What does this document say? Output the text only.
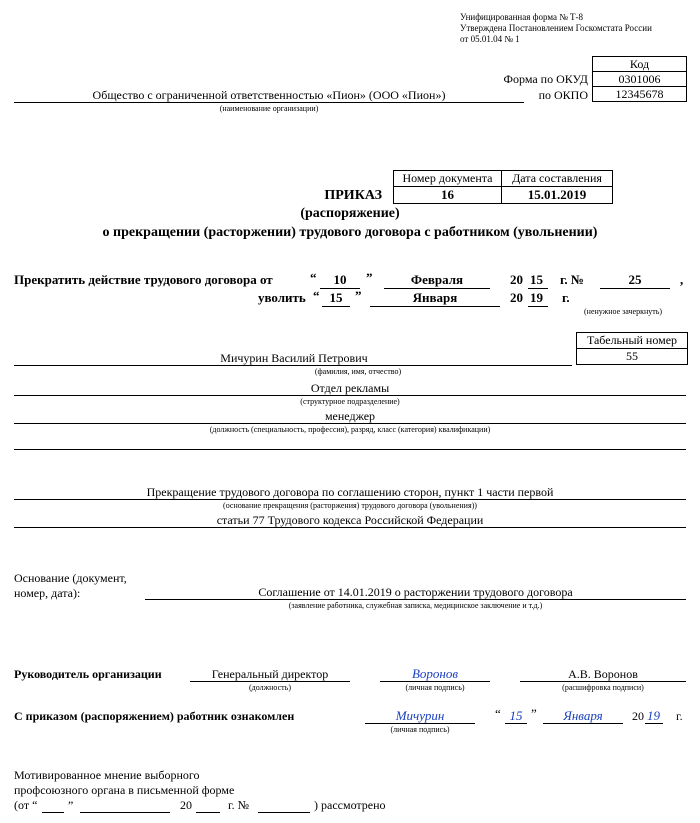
Унифицированная форма № Т-8
Утверждена Постановлением Госкомстата России
от 05.01.04 № 1
Код
Форма по ОКУД	0301006
по ОКПО	12345678
Общество с ограниченной ответственностью «Пион» (ООО «Пион»)
(наименование организации)
Номер документа	Дата составления
16	15.01.2019
ПРИКАЗ
(распоряжение)
о прекращении (расторжении) трудового договора с работником (увольнении)
Прекратить действие трудового договора от	“	10	”	Февраля	20 15 г. №	25	,
уволить “ 15 ”	Января	20 19 г.
(ненужное зачеркнуть)
Табельный номер
55
Мичурин Василий Петрович
(фамилия, имя, отчество)
Отдел рекламы
(структурное подразделение)
менеджер
(должность (специальность, профессия), разряд, класс (категория) квалификации)
Прекращение трудового договора по соглашению сторон, пункт 1 части первой
(основание прекращения (расторжения) трудового договора (увольнения))
статьи 77 Трудового кодекса Российской Федерации
Основание (документ,
номер, дата):	Соглашение от 14.01.2019 о расторжении трудового договора
(заявление работника, служебная записка, медицинское заключение и т.д.)
Руководитель организации	Генеральный директор
(должность)
Воронов
(личная подпись)
А.В. Воронов
(расшифровка подписи)
С приказом (распоряжением) работник ознакомлен	Мичурин
(личная подпись)
“ 15 ”	Января	20 19 г.
Мотивированное мнение выборного
профсоюзного органа в письменной форме
(от “	”	20	г. №	) рассмотрено
